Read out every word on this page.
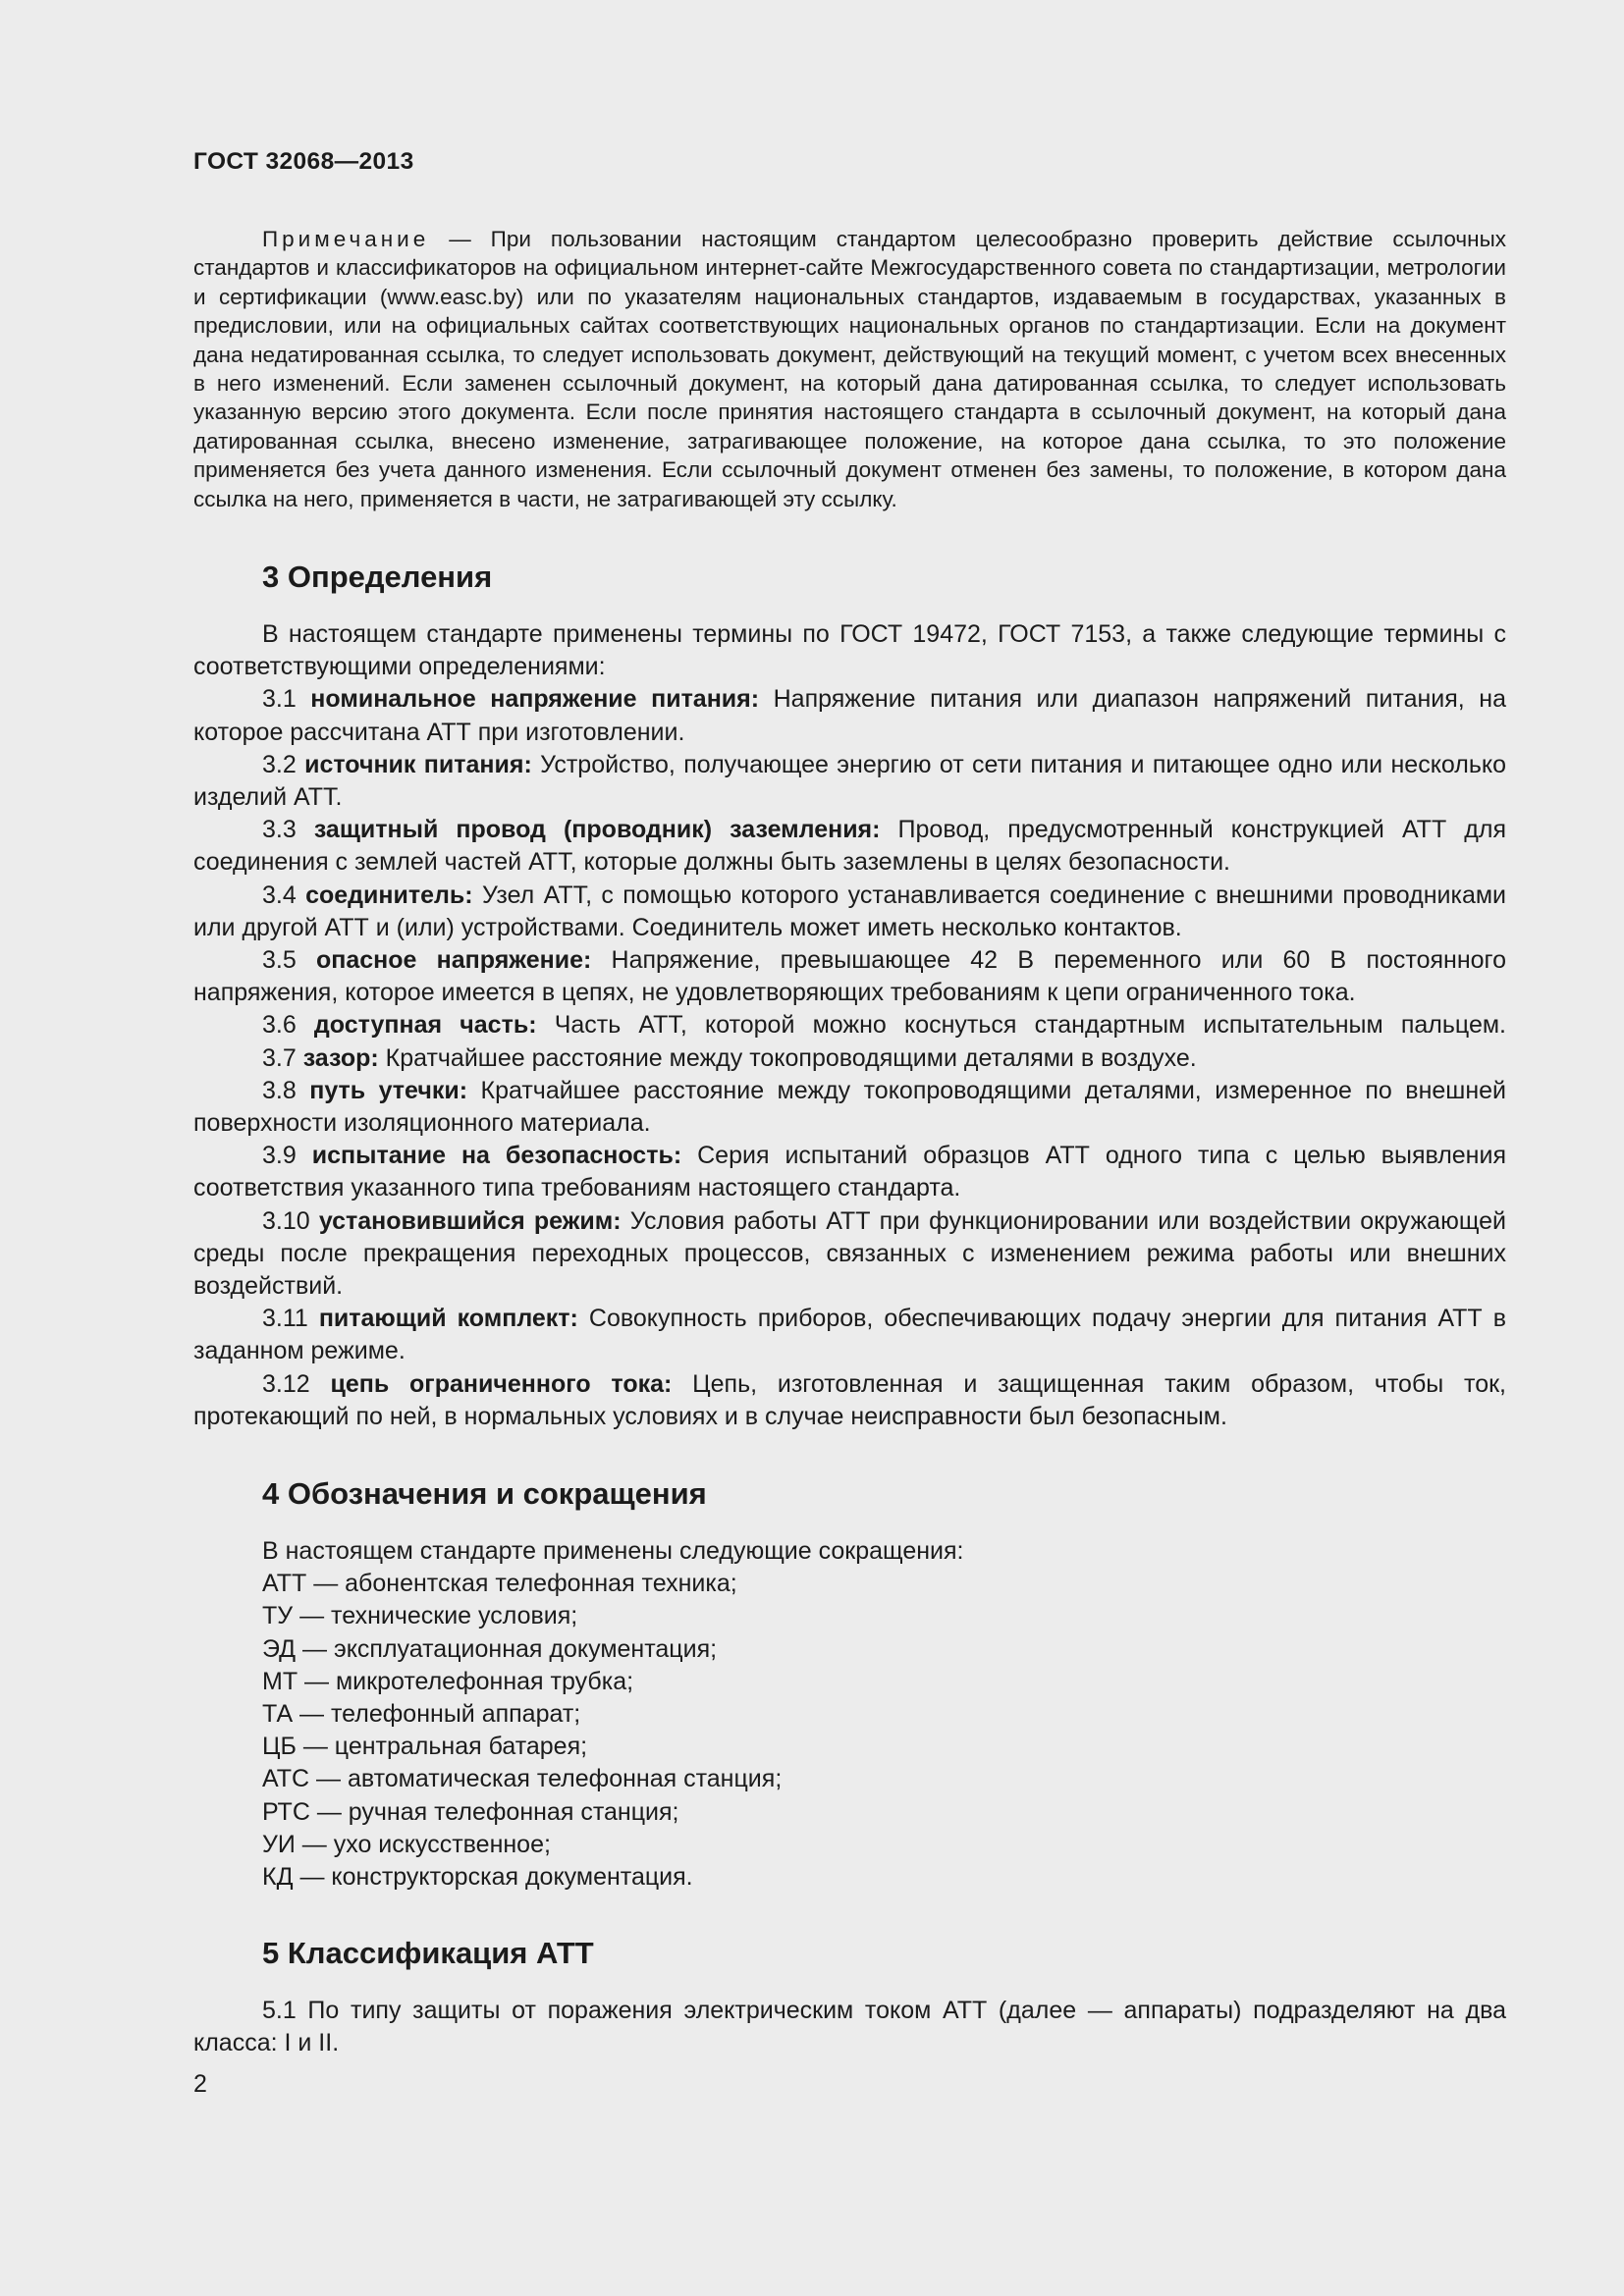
ГОСТ 32068—2013

Примечание — При пользовании настоящим стандартом целесообразно проверить действие ссылочных стандартов и классификаторов на официальном интернет-сайте Межгосударственного совета по стандартизации, метрологии и сертификации (www.easc.by) или по указателям национальных стандартов, издаваемым в государствах, указанных в предисловии, или на официальных сайтах соответствующих национальных органов по стандартизации. Если на документ дана недатированная ссылка, то следует использовать документ, действующий на текущий момент, с учетом всех внесенных в него изменений. Если заменен ссылочный документ, на который дана датированная ссылка, то следует использовать указанную версию этого документа. Если после принятия настоящего стандарта в ссылочный документ, на который дана датированная ссылка, внесено изменение, затрагивающее положение, на которое дана ссылка, то это положение применяется без учета данного изменения. Если ссылочный документ отменен без замены, то положение, в котором дана ссылка на него, применяется в части, не затрагивающей эту ссылку.

3 Определения

В настоящем стандарте применены термины по ГОСТ 19472, ГОСТ 7153, а также следующие термины с соответствующими определениями:

3.1 номинальное напряжение питания: Напряжение питания или диапазон напряжений питания, на которое рассчитана АТТ при изготовлении.

3.2 источник питания: Устройство, получающее энергию от сети питания и питающее одно или несколько изделий АТТ.

3.3 защитный провод (проводник) заземления: Провод, предусмотренный конструкцией АТТ для соединения с землей частей АТТ, которые должны быть заземлены в целях безопасности.

3.4 соединитель: Узел АТТ, с помощью которого устанавливается соединение с внешними проводниками или другой АТТ и (или) устройствами. Соединитель может иметь несколько контактов.

3.5 опасное напряжение: Напряжение, превышающее 42 В переменного или 60 В постоянного напряжения, которое имеется в цепях, не удовлетворяющих требованиям к цепи ограниченного тока.

3.6 доступная часть: Часть АТТ, которой можно коснуться стандартным испытательным пальцем.

3.7 зазор: Кратчайшее расстояние между токопроводящими деталями в воздухе.

3.8 путь утечки: Кратчайшее расстояние между токопроводящими деталями, измеренное по внешней поверхности изоляционного материала.

3.9 испытание на безопасность: Серия испытаний образцов АТТ одного типа с целью выявления соответствия указанного типа требованиям настоящего стандарта.

3.10 установившийся режим: Условия работы АТТ при функционировании или воздействии окружающей среды после прекращения переходных процессов, связанных с изменением режима работы или внешних воздействий.

3.11 питающий комплект: Совокупность приборов, обеспечивающих подачу энергии для питания АТТ в заданном режиме.

3.12 цепь ограниченного тока: Цепь, изготовленная и защищенная таким образом, чтобы ток, протекающий по ней, в нормальных условиях и в случае неисправности был безопасным.

4 Обозначения и сокращения
В настоящем стандарте применены следующие сокращения:
АТТ — абонентская телефонная техника;
ТУ — технические условия;
ЭД — эксплуатационная документация;
МТ — микротелефонная трубка;
ТА — телефонный аппарат;
ЦБ — центральная батарея;
АТС — автоматическая телефонная станция;
РТС — ручная телефонная станция;
УИ — ухо искусственное;
КД — конструкторская документация.
5 Классификация АТТ

5.1 По типу защиты от поражения электрическим током АТТ (далее — аппараты) подразделяют на два класса: I и II.

2
